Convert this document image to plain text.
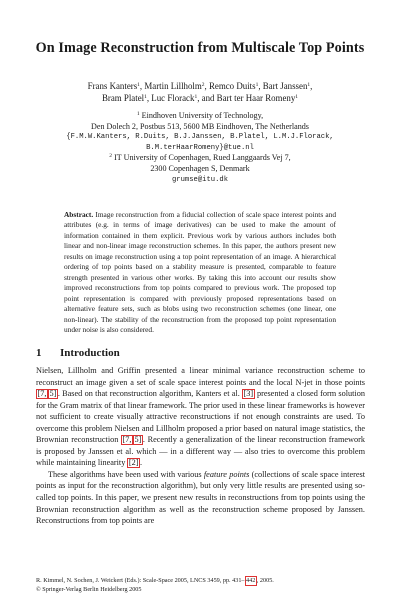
On Image Reconstruction from Multiscale Top Points
Frans Kanters$^1$, Martin Lillholm$^2$, Remco Duits$^1$, Bart Janssen$^1$,
Bram Platel$^1$, Luc Florack$^1$, and Bart ter Haar Romeny$^1$
$^1$ Eindhoven University of Technology,
Den Dolech 2, Postbus 513, 5600 MB Eindhoven, The Netherlands
{F.M.W.Kanters, R.Duits, B.J.Janssen, B.Platel, L.M.J.Florack,
B.M.terHaarRomeny}@tue.nl
$^2$ IT University of Copenhagen, Rued Langgaards Vej 7,
2300 Copenhagen S, Denmark
grumse@itu.dk
Abstract. Image reconstruction from a fiducial collection of scale space interest points and attributes (e.g. in terms of image derivatives) can be used to make the amount of information contained in them explicit. Previous work by various authors includes both linear and non-linear image reconstruction schemes. In this paper, the authors present new results on image reconstruction using a top point representation of an image. A hierarchical ordering of top points based on a stability measure is presented, comparable to feature strength presented in various other works. By taking this into account our results show improved reconstructions from top points compared to previous work. The proposed top point representation is compared with previously proposed representations based on alternative feature sets, such as blobs using two reconstruction schemes (one linear, one non-linear). The stability of the reconstruction from the proposed top point representation under noise is also considered.
1 Introduction

Nielsen, Lillholm and Griffin presented a linear minimal variance reconstruction scheme to reconstruct an image given a set of scale space interest points and the local N-jet in those points [7, 5] . Based on that reconstruction algorithm, Kanters et al. [3] presented a closed form solution for the Gram matrix of that linear framework. The prior used in these linear frameworks is however not sufficient to create visually attractive reconstructions if not enough constraints are used. To overcome this problem Nielsen and Lillholm proposed a prior based on natural image statistics, the Brownian reconstruction [7, 5] . Recently a generalization of the linear reconstruction framework is proposed by Janssen et al. which — in a different way — also tries to overcome this problem while maintaining linearity [2] .

These algorithms have been used with various feature points (collections of scale space interest points as input for the reconstruction algorithm), but only very little results are presented using so-called top points. In this paper, we present new results in reconstructions from top points using the Brownian reconstruction algorithm as well as the reconstruction scheme proposed by Janssen. Reconstructions from top points are

R. Kimmel, N. Sochen, J. Weickert (Eds.): Scale-Space 2005, LNCS 3459, pp. 431– 442 , 2005.
© Springer-Verlag Berlin Heidelberg 2005
